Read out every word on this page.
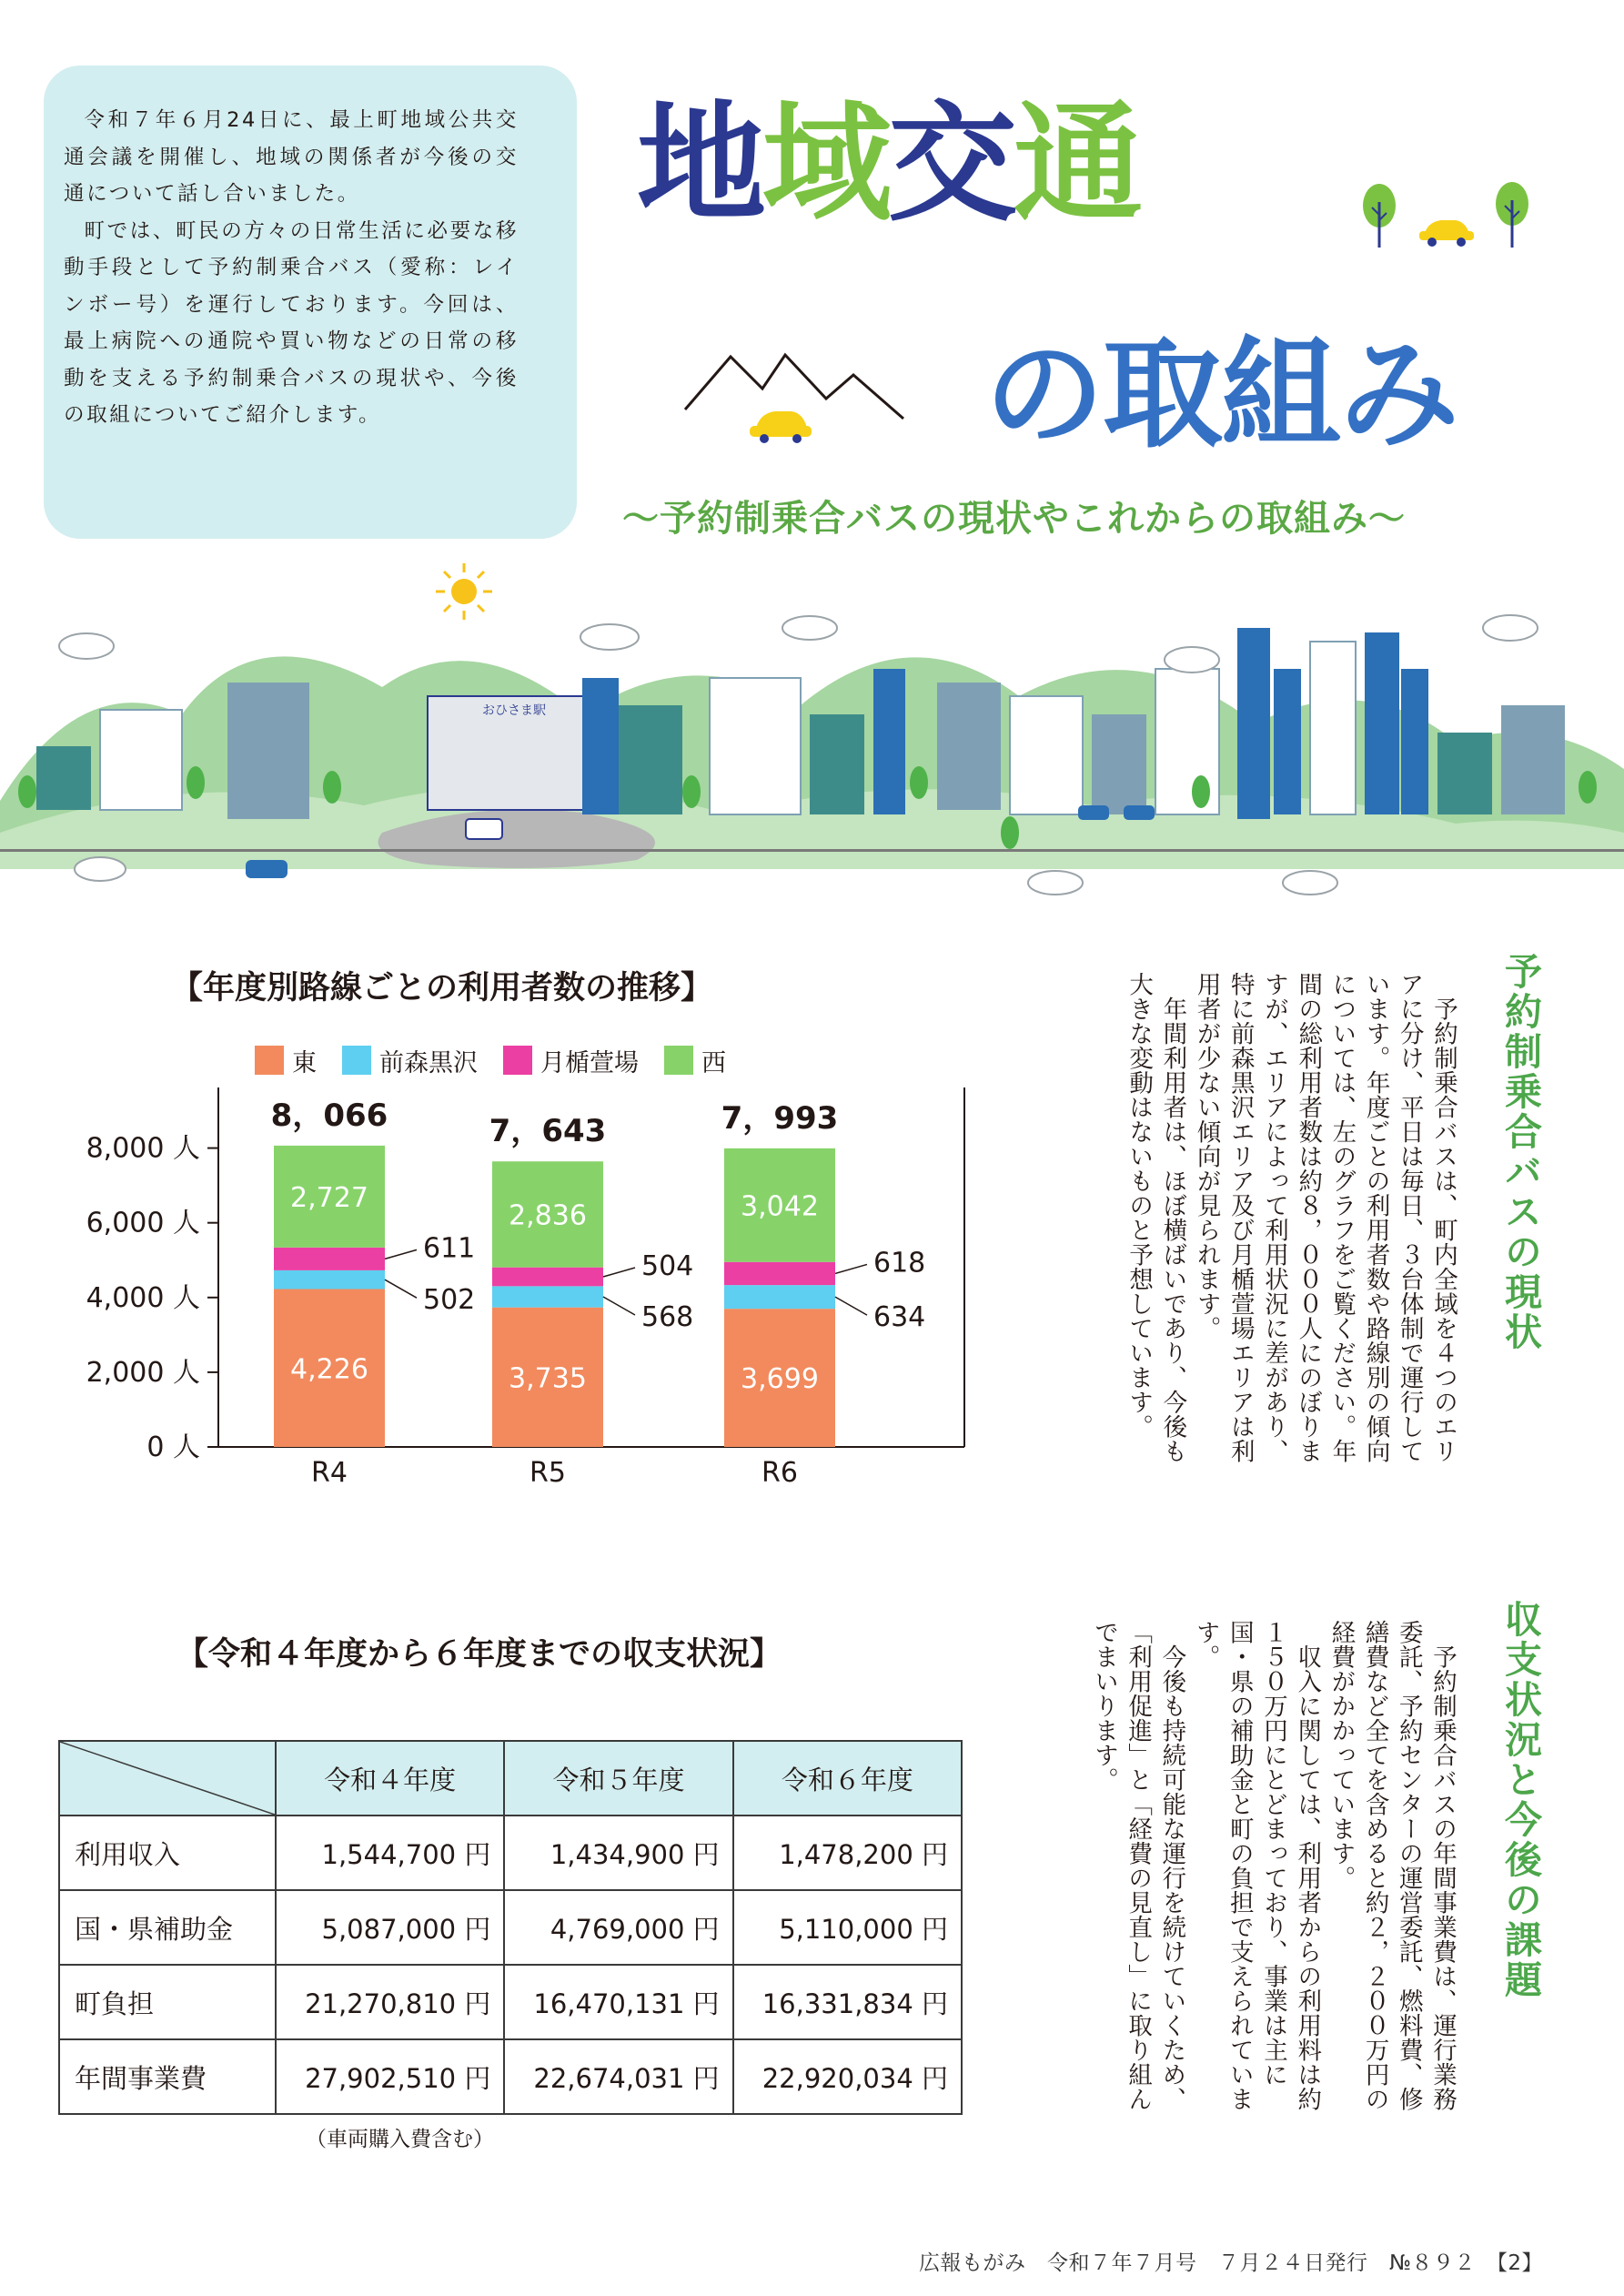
令和７年６月24日に、最上町地域公共交通会議を開催し、地域の関係者が今後の交通について話し合いました。

町では、町民の方々の日常生活に必要な移動手段として予約制乗合バス（愛称：レインボー号）を運行しております。今回は、最上病院への通院や買い物などの日常の移動を支える予約制乗合バスの現状や、今後の取組についてご紹介します。

地域交通
の取組み
～予約制乗合バスの現状やこれからの取組み～
おひさま駅
【年度別路線ごとの利用者数の推移】
東	前森黒沢	月楯萱場	西
0 人
2,000 人
4,000 人
6,000 人
8,000 人
4,226
2,727
611
502
8，066
R4
3,735
2,836
504
568
7，643
R5
3,699
3,042
618
634
7，993
R6
予約制乗合バスの現状

予約制乗合バスは、町内全域を４つのエリアに分け、平日は毎日、３台体制で運行しています。年度ごとの利用者数や路線別の傾向については、左のグラフをご覧ください。年間の総利用者数は約８，０００人にのぼりますが、エリアによって利用状況に差があり、特に前森黒沢エリア及び月楯萱場エリアは利用者が少ない傾向が見られます。

年間利用者は、ほぼ横ばいであり、今後も大きな変動はないものと予想しています。

【令和４年度から６年度までの収支状況】
	令和４年度	令和５年度	令和６年度
利用収入	1,544,700 円	1,434,900 円	1,478,200 円
国・県補助金	5,087,000 円	4,769,000 円	5,110,000 円
町負担	21,270,810 円	16,470,131 円	16,331,834 円
年間事業費	27,902,510 円	22,674,031 円	22,920,034 円
（車両購入費含む）
収支状況と今後の課題

予約制乗合バスの年間事業費は、運行業務委託、予約センターの運営委託、燃料費、修繕費など全てを含めると約２，２００万円の経費がかかっています。

収入に関しては、利用者からの利用料は約１５０万円にとどまっており、事業は主に国・県の補助金と町の負担で支えられています。

今後も持続可能な運行を続けていくため、「利用促進」と「経費の見直し」に取り組んでまいります。

広報もがみ　令和７年７月号　７月２４日発行　№８９２　【2】
